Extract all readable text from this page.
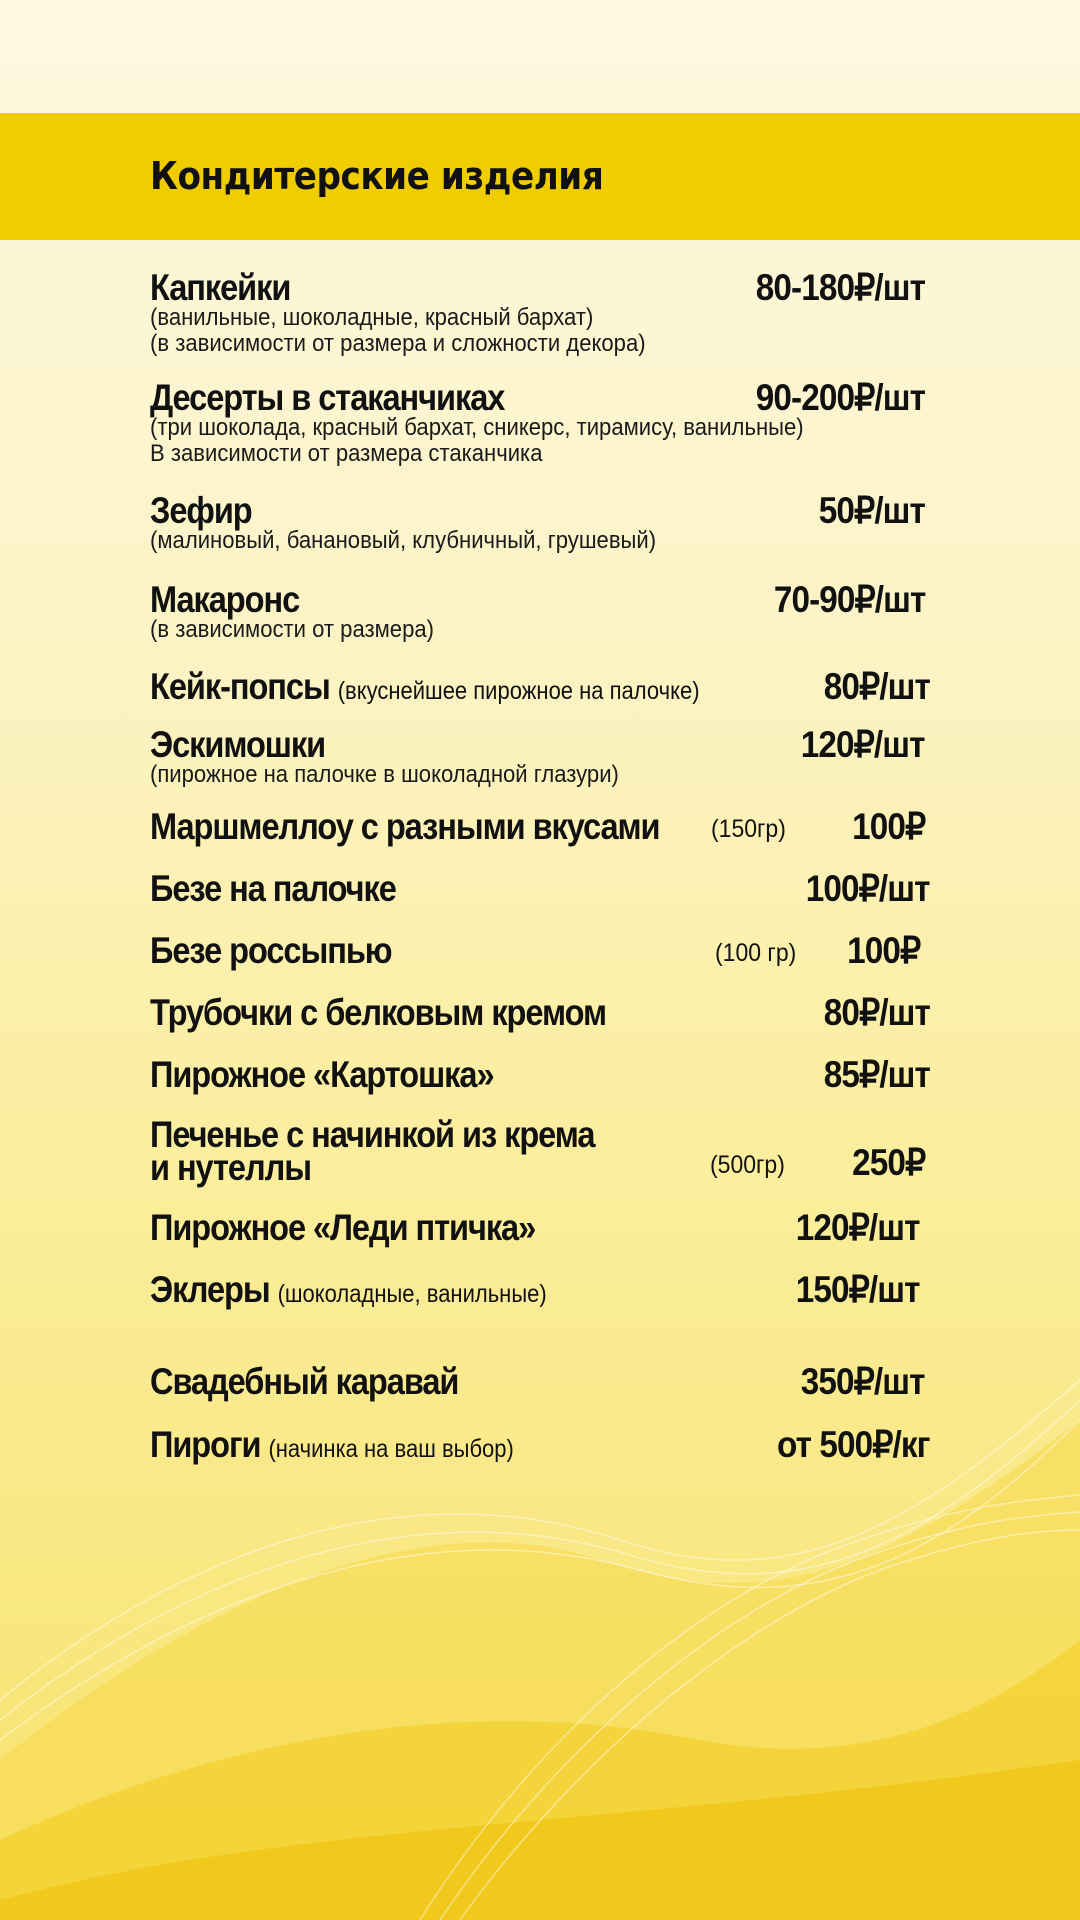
Кондитерские изделия
Капкейки	80-180₽/шт
(ванильные, шоколадные, красный бархат)
(в зависимости от размера и сложности декора)
Десерты в стаканчиках	90-200₽/шт
(три шоколада, красный бархат, сникерс, тирамису, ванильные)
В зависимости от размера стаканчика
Зефир	50₽/шт
(малиновый, банановый, клубничный, грушевый)
Макаронс	70-90₽/шт
(в зависимости от размера)
Кейк-попсы (вкуснейшее пирожное на палочке)	80₽/шт
Эскимошки	120₽/шт
(пирожное на палочке в шоколадной глазури)
Маршмеллоу с разными вкусами (150гр) 100₽
Безе на палочке	100₽/шт
Безе россыпью	(100 гр) 100₽
Трубочки с белковым кремом	80₽/шт
Пирожное «Картошка»	85₽/шт
Печенье с начинкой из крема
и нутеллы	(500гр) 250₽
Пирожное «Леди птичка»	120₽/шт
Эклеры (шоколадные, ванильные)	150₽/шт
Свадебный каравай	350₽/шт
Пироги (начинка на ваш выбор)	от 500₽/кг
